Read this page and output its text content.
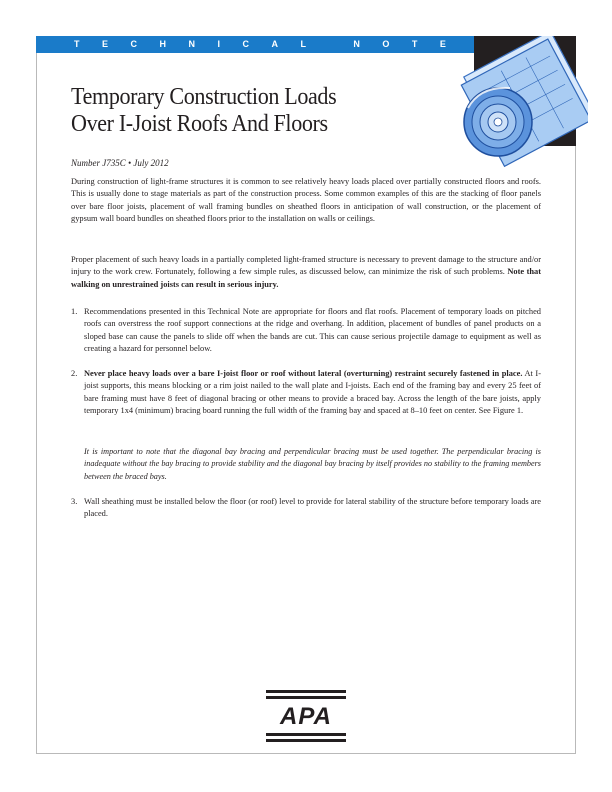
TECHNICAL NOTE
Temporary Construction Loads
Over I-Joist Roofs And Floors
Number J735C • July 2012

During construction of light-frame structures it is common to see relatively heavy loads placed over partially constructed floors and roofs. This is usually done to stage materials as part of the construction process. Some common examples of this are the stacking of floor panels over bare floor joists, placement of wall framing bundles on sheathed floors in anticipation of wall construction, or the placement of gypsum wall board bundles on sheathed floors prior to the installation on walls or ceilings.

Proper placement of such heavy loads in a partially completed light-framed structure is necessary to prevent damage to the structure and/or injury to the work crew. Fortunately, following a few simple rules, as discussed below, can minimize the risk of such problems. Note that walking on unrestrained joists can result in serious injury.

1. Recommendations presented in this Technical Note are appropriate for floors and flat roofs. Placement of temporary loads on pitched roofs can overstress the roof support connections at the ridge and overhang. In addition, placement of bundles of panel products on a sloped base can cause the panels to slide off when the bands are cut. This can cause serious projectile damage to equipment as well as creating a hazard for personnel below.
2. Never place heavy loads over a bare I-joist floor or roof without lateral (overturning) restraint securely fastened in place. At I-joist supports, this means blocking or a rim joist nailed to the wall plate and I-joists. Each end of the framing bay and every 25 feet of bare framing must have 8 feet of diagonal bracing or other means to provide a braced bay. Across the length of the bare joists, apply temporary 1x4 (minimum) bracing board running the full width of the framing bay and spaced at 8–10 feet on center. See Figure 1.

It is important to note that the diagonal bay bracing and perpendicular bracing must be used together. The perpendicular bracing is inadequate without the bay bracing to provide stability and the diagonal bay bracing by itself provides no stability to the framing members between the braced bays.

3. Wall sheathing must be installed below the floor (or roof) level to provide for lateral stability of the structure before temporary loads are placed.
APA
